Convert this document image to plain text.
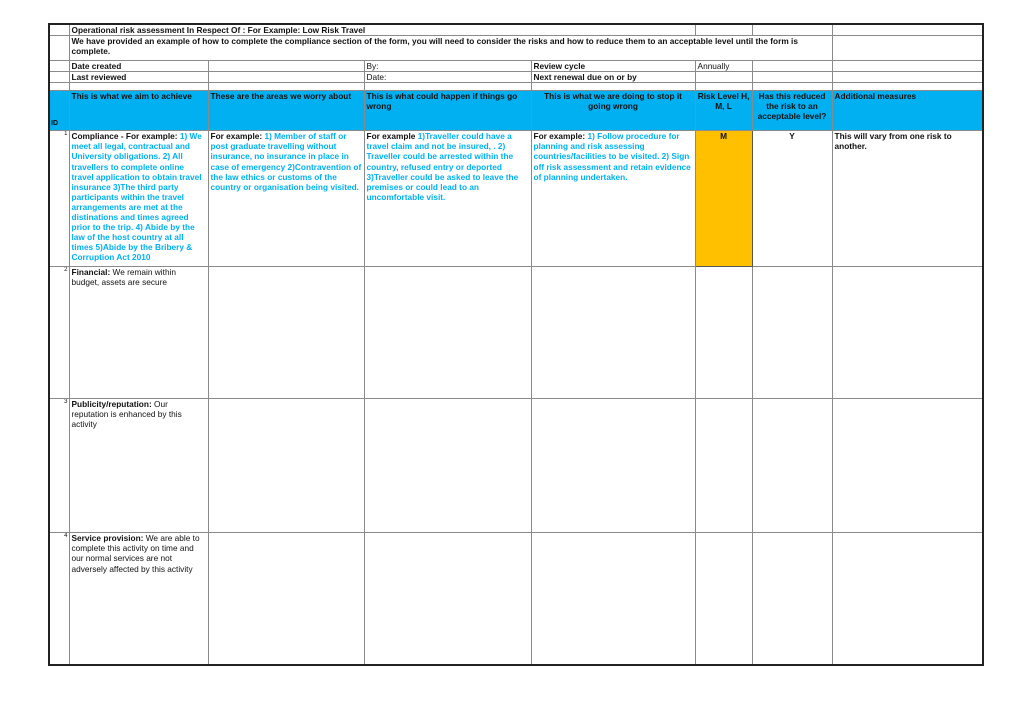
	Operational risk assessment In Respect Of : For Example: Low Risk Travel						
	We have provided an example of how to complete the compliance section of the form, you will need to consider the risks and how to reduce them to an acceptable level until the form is complete.						
	Date created		By:	Review cycle	Annually		
	Last reviewed		Date:	Next renewal due on or by			

ID	This is what we aim to achieve	These are the areas we worry about	This is what could happen if things go wrong	This is what we are doing to stop it going wrong	Risk Level H, M, L	Has this reduced the risk to an acceptable level?	Additional measures

1	Compliance - For example: 1) We meet all legal, contractual and University obligations. 2) All travellers to complete online travel application to obtain travel insurance 3)The third party participants within the travel arrangements are met at the distinations and times agreed prior to the trip. 4) Abide by the law of the host country at all times 5)Abide by the Bribery & Corruption Act 2010	For example: 1) Member of staff or post graduate travelling without insurance, no insurance in place in case of emergency 2)Contravention of the law ethics or customs of the country or organisation being visited.	For example 1)Traveller could have a travel claim and not be insured, . 2) Traveller could be arrested within the country, refused entry or deported 3)Traveller could be asked to leave the premises or could lead to an uncomfortable visit.	For example: 1) Follow procedure for planning and risk assessing countries/facilities to be visited. 2) Sign off risk assessment and retain evidence of planning undertaken.	M	Y	This will vary from one risk to another.

2	Financial: We remain within budget, assets are secure						

3	Publicity/reputation: Our reputation is enhanced by this activity						

4	Service provision: We are able to complete this activity on time and our normal services are not adversely affected by this activity						
